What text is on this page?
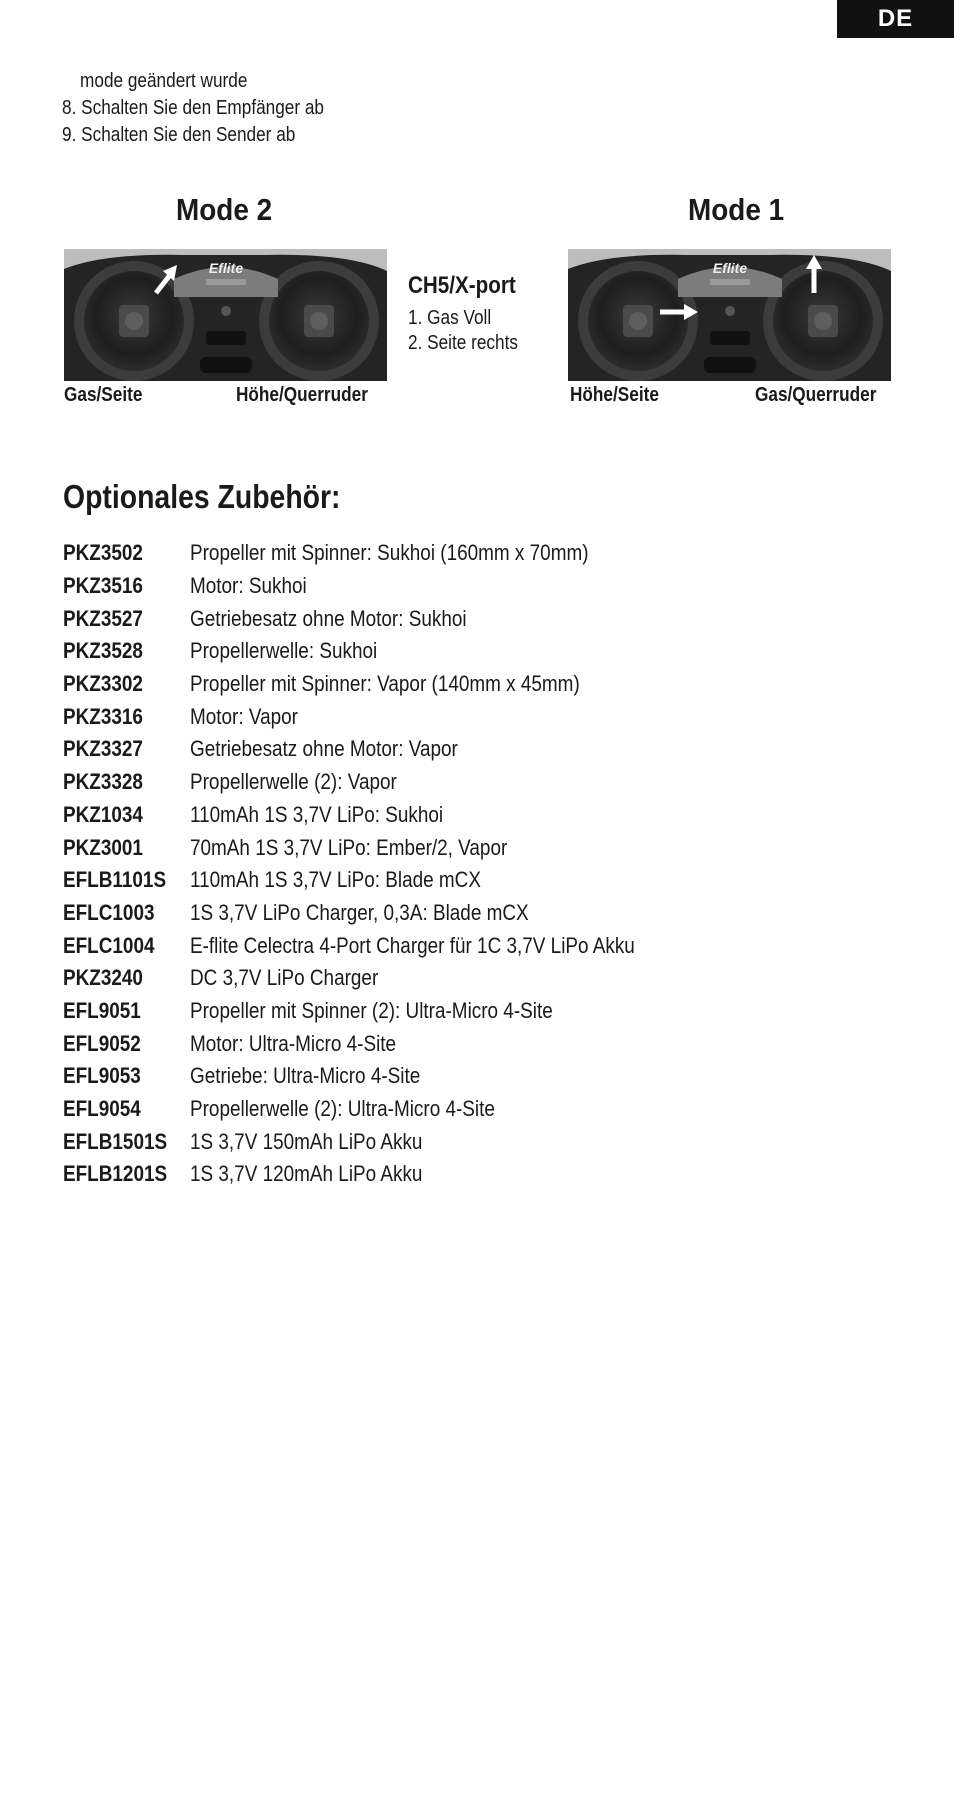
DE
mode geändert wurde
8. Schalten Sie den Empfänger ab
9. Schalten Sie den Sender ab
Mode 2
Eflite
Gas/Seite	Höhe/Querruder
CH5/X-port
1. Gas Voll
2. Seite rechts
Mode 1
Eflite
Höhe/Seite	Gas/Querruder
Optionales Zubehör:
PKZ3502	Propeller mit Spinner: Sukhoi (160mm x 70mm)
PKZ3516	Motor: Sukhoi
PKZ3527	Getriebesatz ohne Motor: Sukhoi
PKZ3528	Propellerwelle: Sukhoi
PKZ3302	Propeller mit Spinner: Vapor (140mm x 45mm)
PKZ3316	Motor: Vapor
PKZ3327	Getriebesatz ohne Motor: Vapor
PKZ3328	Propellerwelle (2): Vapor
PKZ1034	110mAh 1S 3,7V LiPo: Sukhoi
PKZ3001	70mAh 1S 3,7V LiPo: Ember/2, Vapor
EFLB1101S 110mAh 1S 3,7V LiPo: Blade mCX
EFLC1003	1S 3,7V LiPo Charger, 0,3A: Blade mCX
EFLC1004	E-flite Celectra 4-Port Charger für 1C 3,7V LiPo Akku
PKZ3240	DC 3,7V LiPo Charger
EFL9051	Propeller mit Spinner (2): Ultra-Micro 4-Site
EFL9052	Motor: Ultra-Micro 4-Site
EFL9053	Getriebe: Ultra-Micro 4-Site
EFL9054	Propellerwelle (2): Ultra-Micro 4-Site
EFLB1501S 1S 3,7V 150mAh LiPo Akku
EFLB1201S 1S 3,7V 120mAh LiPo Akku
